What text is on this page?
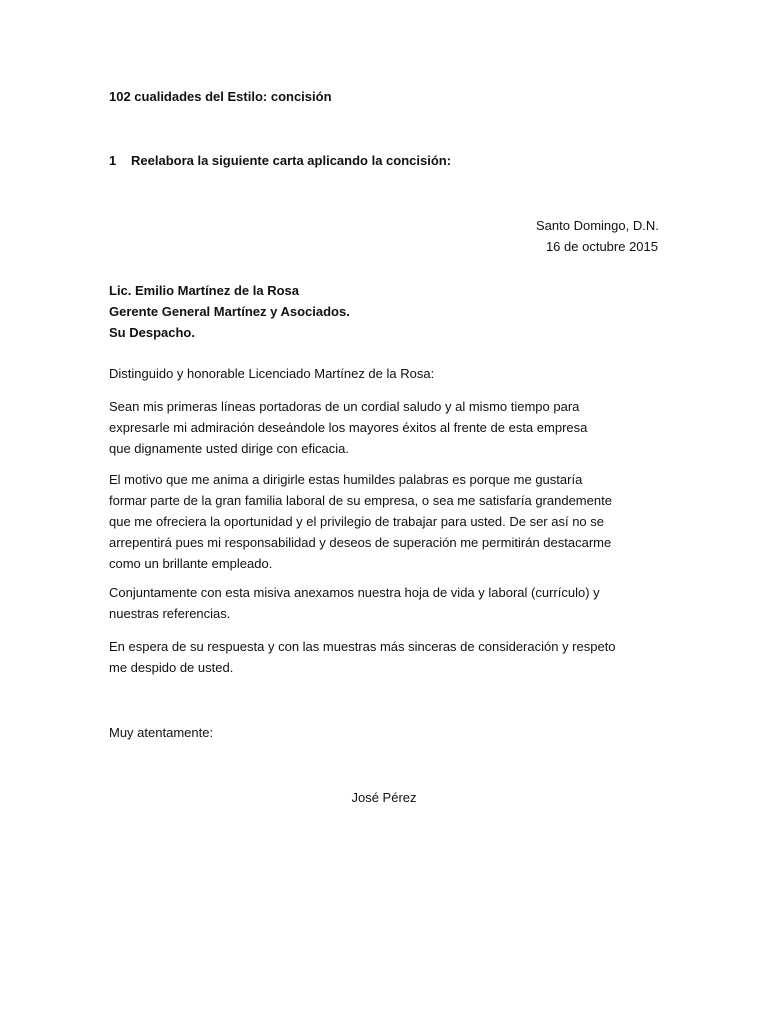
102 cualidades del Estilo: concisión

1 Reelabora la siguiente carta aplicando la concisión:

Santo Domingo, D.N.
16 de octubre 2015
Lic. Emilio Martínez de la Rosa
Gerente General Martínez y Asociados.
Su Despacho.

Distinguido y honorable Licenciado Martínez de la Rosa:

Sean mis primeras líneas portadoras de un cordial saludo y al mismo tiempo para
expresarle mi admiración deseándole los mayores éxitos al frente de esta empresa
que dignamente usted dirige con eficacia.
El motivo que me anima a dirigirle estas humildes palabras es porque me gustaría
formar parte de la gran familia laboral de su empresa, o sea me satisfaría grandemente
que me ofreciera la oportunidad y el privilegio de trabajar para usted. De ser así no se
arrepentirá pues mi responsabilidad y deseos de superación me permitirán destacarme
como un brillante empleado.
Conjuntamente con esta misiva anexamos nuestra hoja de vida y laboral (currículo) y
nuestras referencias.
En espera de su respuesta y con las muestras más sinceras de consideración y respeto
me despido de usted.

Muy atentamente:

José Pérez
